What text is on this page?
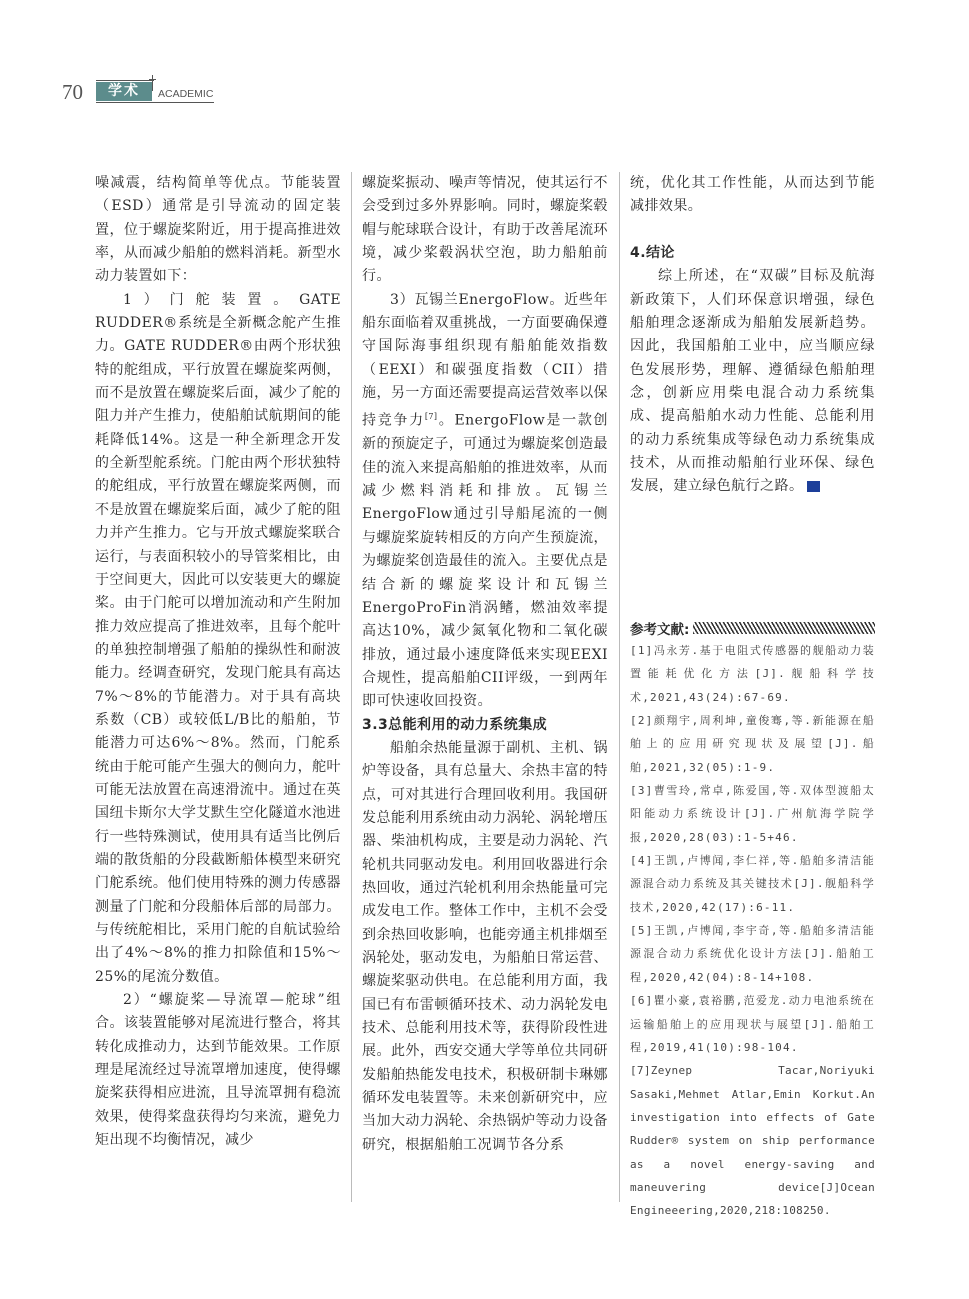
70	学术	ACADEMIC

噪减震，结构简单等优点。节能装置（ESD）通常是引导流动的固定装置，位于螺旋桨附近，用于提高推进效率，从而减少船舶的燃料消耗。新型水动力装置如下：

1）门舵装置。GATE RUDDER®系统是全新概念舵产生推力。GATE RUDDER®由两个形状独特的舵组成，平行放置在螺旋桨两侧，而不是放置在螺旋桨后面，减少了舵的阻力并产生推力，使船舶试航期间的能耗降低14%。这是一种全新理念开发的全新型舵系统。门舵由两个形状独特的舵组成，平行放置在螺旋桨两侧，而不是放置在螺旋桨后面，减少了舵的阻力并产生推力。它与开放式螺旋桨联合运行，与表面积较小的导管桨相比，由于空间更大，因此可以安装更大的螺旋桨。由于门舵可以增加流动和产生附加推力效应提高了推进效率，且每个舵叶的单独控制增强了船舶的操纵性和耐波能力。经调查研究，发现门舵具有高达7%～8%的节能潜力。对于具有高块系数（CB）或较低L/B比的船舶，节能潜力可达6%～8%。然而，门舵系统由于舵可能产生强大的侧向力，舵叶可能无法放置在高速滑流中。通过在英国纽卡斯尔大学艾默生空化隧道水池进行一些特殊测试，使用具有适当比例后端的散货船的分段截断船体模型来研究门舵系统。他们使用特殊的测力传感器测量了门舵和分段船体后部的局部力。与传统舵相比，采用门舵的自航试验给出了4%～8%的推力扣除值和15%～25%的尾流分数值。

2）“螺旋桨—导流罩—舵球”组合。该装置能够对尾流进行整合，将其转化成推动力，达到节能效果。工作原理是尾流经过导流罩增加速度，使得螺旋桨获得相应进流，且导流罩拥有稳流效果，使得桨盘获得均匀来流，避免力矩出现不均衡情况，减少

螺旋桨振动、噪声等情况，使其运行不会受到过多外界影响。同时，螺旋桨毂帽与舵球联合设计，有助于改善尾流环境，减少桨毂涡状空泡，助力船舶前行。

3）瓦锡兰EnergoFlow。近些年船东面临着双重挑战，一方面要确保遵守国际海事组织现有船舶能效指数（EEXI）和碳强度指数（CII）措施，另一方面还需要提高运营效率以保持竞争力[7]。EnergoFlow是一款创新的预旋定子，可通过为螺旋桨创造最佳的流入来提高船舶的推进效率，从而减少燃料消耗和排放。瓦锡兰EnergoFlow通过引导船尾流的一侧与螺旋桨旋转相反的方向产生预旋流，为螺旋桨创造最佳的流入。主要优点是结合新的螺旋桨设计和瓦锡兰EnergoProFin消涡鳍，燃油效率提高达10%，减少氮氧化物和二氧化碳排放，通过最小速度降低来实现EEXI合规性，提高船舶CII评级，一到两年即可快速收回投资。

3.3总能利用的动力系统集成

船舶余热能量源于副机、主机、锅炉等设备，具有总量大、余热丰富的特点，可对其进行合理回收利用。我国研发总能利用系统由动力涡轮、涡轮增压器、柴油机构成，主要是动力涡轮、汽轮机共同驱动发电。利用回收器进行余热回收，通过汽轮机利用余热能量可完成发电工作。整体工作中，主机不会受到余热回收影响，也能旁通主机排烟至涡轮处，驱动发电，为船舶日常运营、螺旋桨驱动供电。在总能利用方面，我国已有布雷顿循环技术、动力涡轮发电技术、总能利用技术等，获得阶段性进展。此外，西安交通大学等单位共同研发船舶热能发电技术，积极研制卡琳娜循环发电装置等。未来创新研究中，应当加大动力涡轮、余热锅炉等动力设备研究，根据船舶工况调节各分系

统，优化其工作性能，从而达到节能减排效果。

4.结论

综上所述，在“双碳”目标及航海新政策下，人们环保意识增强，绿色船舶理念逐渐成为船舶发展新趋势。因此，我国船舶工业中，应当顺应绿色发展形势，理解、遵循绿色船舶理念，创新应用柴电混合动力系统集成、提高船舶水动力性能、总能利用的动力系统集成等绿色动力系统集成技术，从而推动船舶行业环保、绿色发展，建立绿色航行之路。	ZZ

参考文献:
[1]冯永芳.基于电阻式传感器的舰船动力装置能耗优化方法[J].舰船科学技术,2021,43(24):67-69.
[2]颜翔宇,周利坤,童俊骞,等.新能源在船舶上的应用研究现状及展望[J].船舶,2021,32(05):1-9.
[3]曹雪玲,常卓,陈爱国,等.双体型渡船太阳能动力系统设计[J].广州航海学院学报,2020,28(03):1-5+46.
[4]王凯,卢博闻,李仁祥,等.船舶多清洁能源混合动力系统及其关键技术[J].舰船科学技术,2020,42(17):6-11.
[5]王凯,卢博闻,李宇奇,等.船舶多清洁能源混合动力系统优化设计方法[J].船舶工程,2020,42(04):8-14+108.
[6]瞿小豪,袁裕鹏,范爱龙.动力电池系统在运输船舶上的应用现状与展望[J].船舶工程,2019,41(10):98-104.
[7]Zeynep Tacar,Noriyuki Sasaki,Mehmet Atlar,Emin Korkut.An investigation into effects of Gate Rudder® system on ship performance as a novel energy-saving and maneuvering device[J]Ocean Engineeering,2020,218:108250.
